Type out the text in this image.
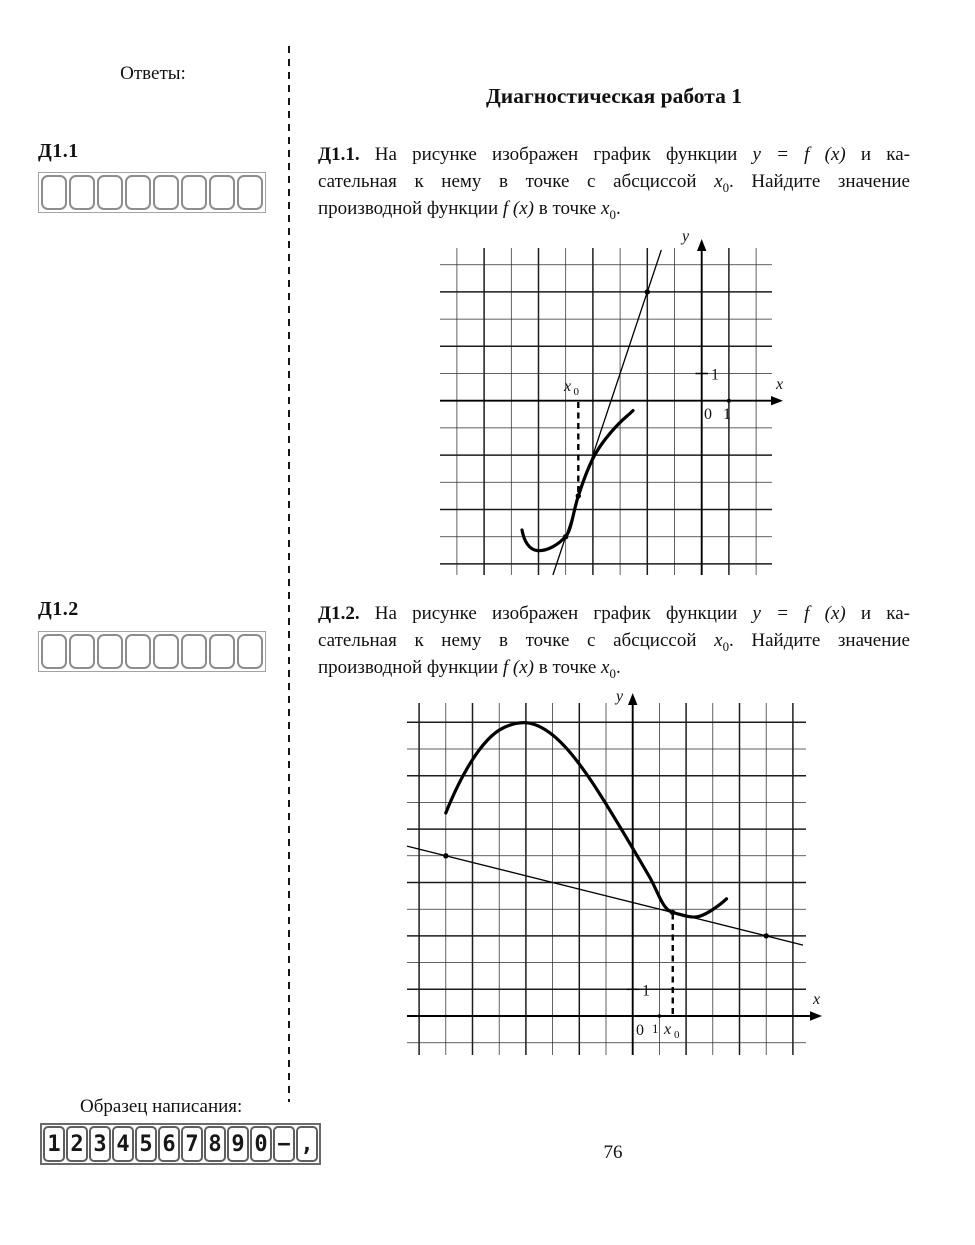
Ответы:
Д1.1
Д1.2
Диагностическая работа 1
Д1.1. На рисунке изображен график функции y = f (x) и ка-
сательная к нему в точке с абсциссой $x_0$. Найдите значение
производной функции f (x) в точке $x_0$.
1
1
0
y
x
x 0
Д1.2. На рисунке изображен график функции y = f (x) и ка-
сательная к нему в точке с абсциссой $x_0$. Найдите значение
производной функции f (x) в точке $x_0$.
1
1
0
y
x
x 0
Образец написания:
1 2 3 4 5 6 7 8 9 0 − ,	76
